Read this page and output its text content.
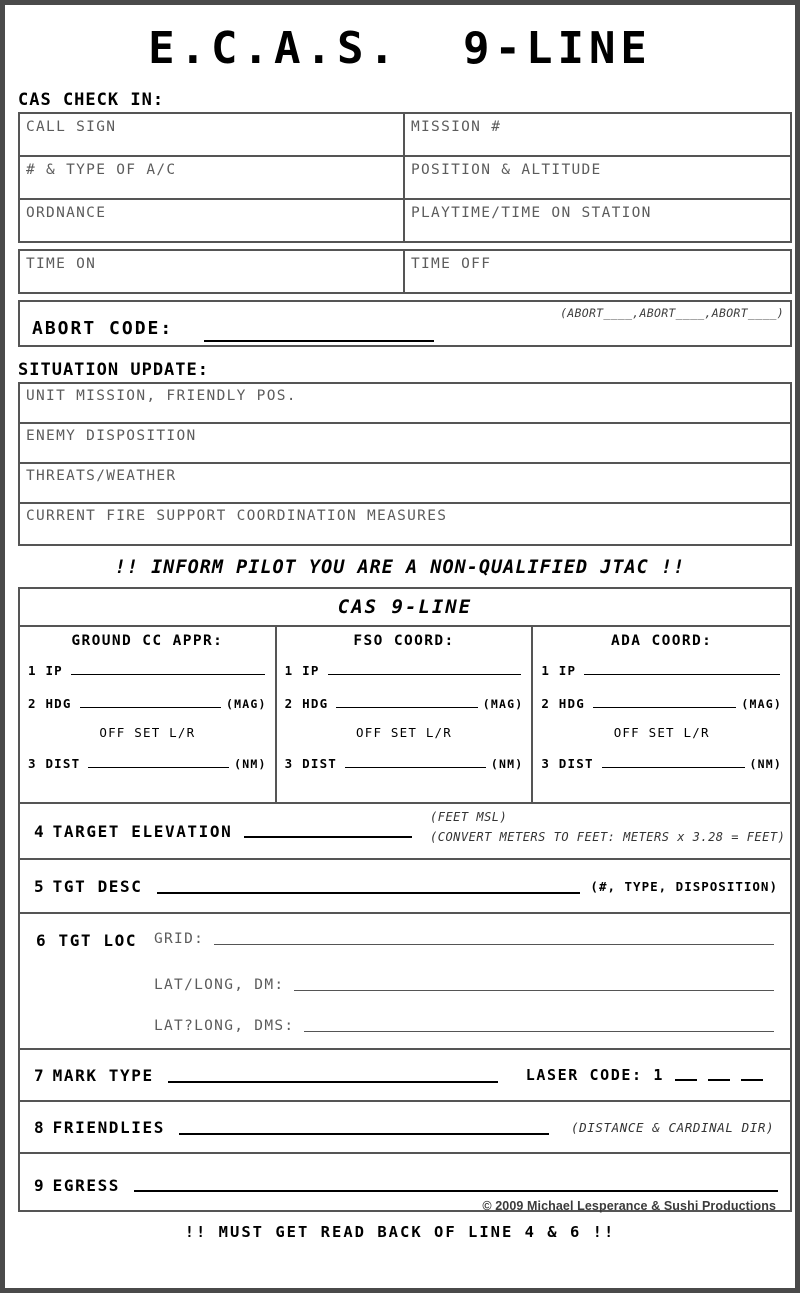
E.C.A.S.  9-LINE
CAS CHECK IN:
CALL SIGN	MISSION #
# & TYPE OF A/C	POSITION & ALTITUDE
ORDNANCE	PLAYTIME/TIME ON STATION
TIME ON	TIME OFF
ABORT CODE:
(ABORT____,ABORT____,ABORT____)
SITUATION UPDATE:
UNIT MISSION, FRIENDLY POS.
ENEMY DISPOSITION
THREATS/WEATHER
CURRENT FIRE SUPPORT COORDINATION MEASURES
!! INFORM PILOT YOU ARE A NON-QUALIFIED JTAC !!
CAS 9-LINE
GROUND CC APPR:
1 IP
2 HDG	(MAG)
OFF SET L/R
3 DIST	(NM)
FSO COORD:
1 IP
2 HDG	(MAG)
OFF SET L/R
3 DIST	(NM)
ADA COORD:
1 IP
2 HDG	(MAG)
OFF SET L/R
3 DIST	(NM)
4 TARGET ELEVATION
(FEET MSL)
(CONVERT METERS TO FEET: METERS x 3.28 = FEET)
5 TGT DESC	(#, TYPE, DISPOSITION)
6 TGT LOC GRID:
LAT/LONG, DM:
LAT?LONG, DMS:
7 MARK TYPE	LASER CODE: 1
8 FRIENDLIES	(DISTANCE & CARDINAL DIR)
9 EGRESS
© 2009 Michael Lesperance & Sushi Productions
!! MUST GET READ BACK OF LINE 4 & 6 !!
